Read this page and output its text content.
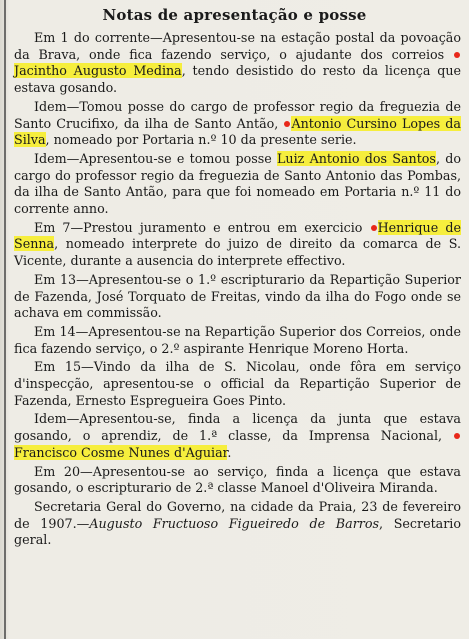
Notas de apresentação e posse

Em 1 do corrente—Apresentou-se na estação postal da povoação da Brava, onde fica fazendo serviço, o ajudante dos correios Jacintho Augusto Medina, tendo desistido do resto da licença que estava gosando.

Idem—Tomou posse do cargo de professor regio da freguezia de Santo Crucifixo, da ilha de Santo Antão, Antonio Cursino Lopes da Silva, nomeado por Portaria n.º 10 da presente serie.

Idem—Apresentou-se e tomou posse Luiz Antonio dos Santos, do cargo do professor regio da freguezia de Santo Antonio das Pombas, da ilha de Santo Antão, para que foi nomeado em Portaria n.º 11 do corrente anno.

Em 7—Prestou juramento e entrou em exercicio Henrique de Senna, nomeado interprete do juizo de direito da comarca de S. Vicente, durante a ausencia do interprete effectivo.

Em 13—Apresentou-se o 1.º escripturario da Repartição Superior de Fazenda, José Torquato de Freitas, vindo da ilha do Fogo onde se achava em commissão.

Em 14—Apresentou-se na Repartição Superior dos Correios, onde fica fazendo serviço, o 2.º aspirante Henrique Moreno Horta.

Em 15—Vindo da ilha de S. Nicolau, onde fôra em serviço d'inspecção, apresentou-se o official da Repartição Superior de Fazenda, Ernesto Espregueira Goes Pinto.

Idem—Apresentou-se, finda a licença da junta que estava gosando, o aprendiz, de 1.ª classe, da Imprensa Nacional, Francisco Cosme Nunes d'Aguiar.

Em 20—Apresentou-se ao serviço, finda a licença que estava gosando, o escripturario de 2.ª classe Manoel d'Oliveira Miranda.

Secretaria Geral do Governo, na cidade da Praia, 23 de fevereiro de 1907.—Augusto Fructuoso Figueiredo de Barros, Secretario geral.
